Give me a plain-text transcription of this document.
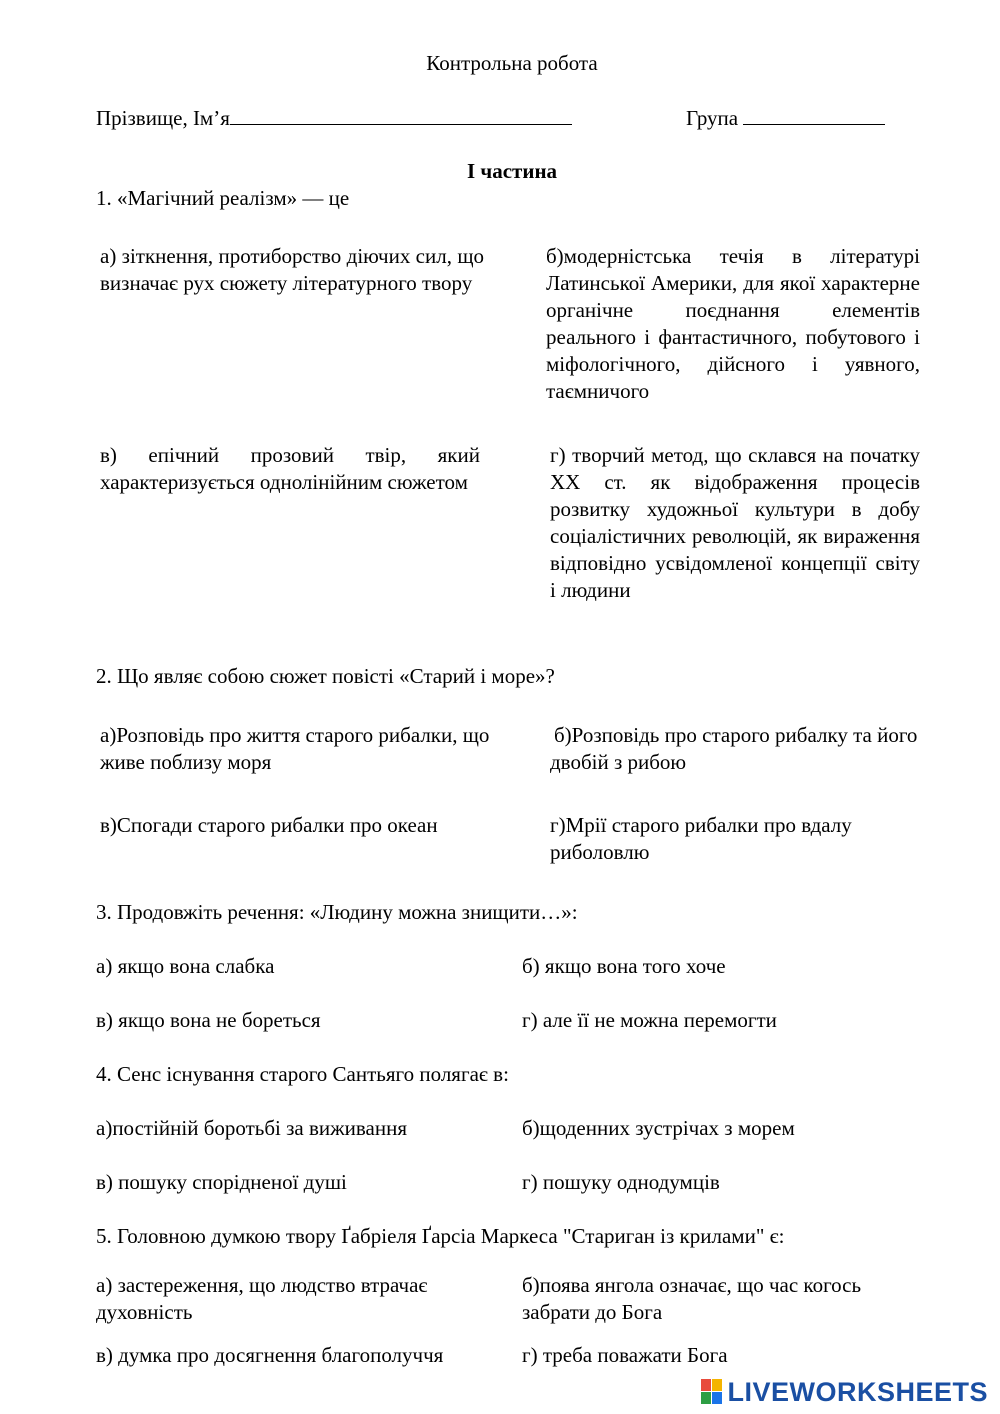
Контрольна робота
Прізвище, Ім’я	Група
І частина
1. «Магічний реалізм» — це
а) зіткнення, протиборство діючих сил, що визначає рух сюжету літературного твору
б)модерністська течія в літературі Латинської Америки, для якої характерне органічне поєднання елементів реального і фантастичного, побутового і міфологічного, дійсного і уявного, таємничого
в) епічний прозовий твір, який характеризується однолінійним сюжетом
г) творчий метод, що склався на початку ХХ ст. як відображення процесів розвитку художньої культури в добу соціалістичних революцій, як вираження відповідно усвідомленої концепції світу і людини
2. Що являє собою сюжет повісті «Старий і море»?
а)Розповідь про життя старого рибалки, що живе поблизу моря
б)Розповідь про старого рибалку та його двобій з рибою
в)Спогади старого рибалки про океан	г)Мрії старого рибалки про вдалу риболовлю
3. Продовжіть речення: «Людину можна знищити…»:
а) якщо вона слабка	б) якщо вона того хоче
в) якщо вона не бореться	г) але її не можна перемогти
4. Сенс існування старого Сантьяго полягає в:
а)постійній боротьбі за виживання	б)щоденних зустрічах з морем
в) пошуку спорідненої душі	г) пошуку однодумців
5. Головною думкою твору Ґабріеля Ґарсіа Маркеса "Стариган із крилами" є:
а) застереження, що людство втрачає духовність
б)поява янгола означає, що час когось забрати до Бога
в) думка про досягнення благополуччя	г) треба поважати Бога
LIVEWORKSHEETS
